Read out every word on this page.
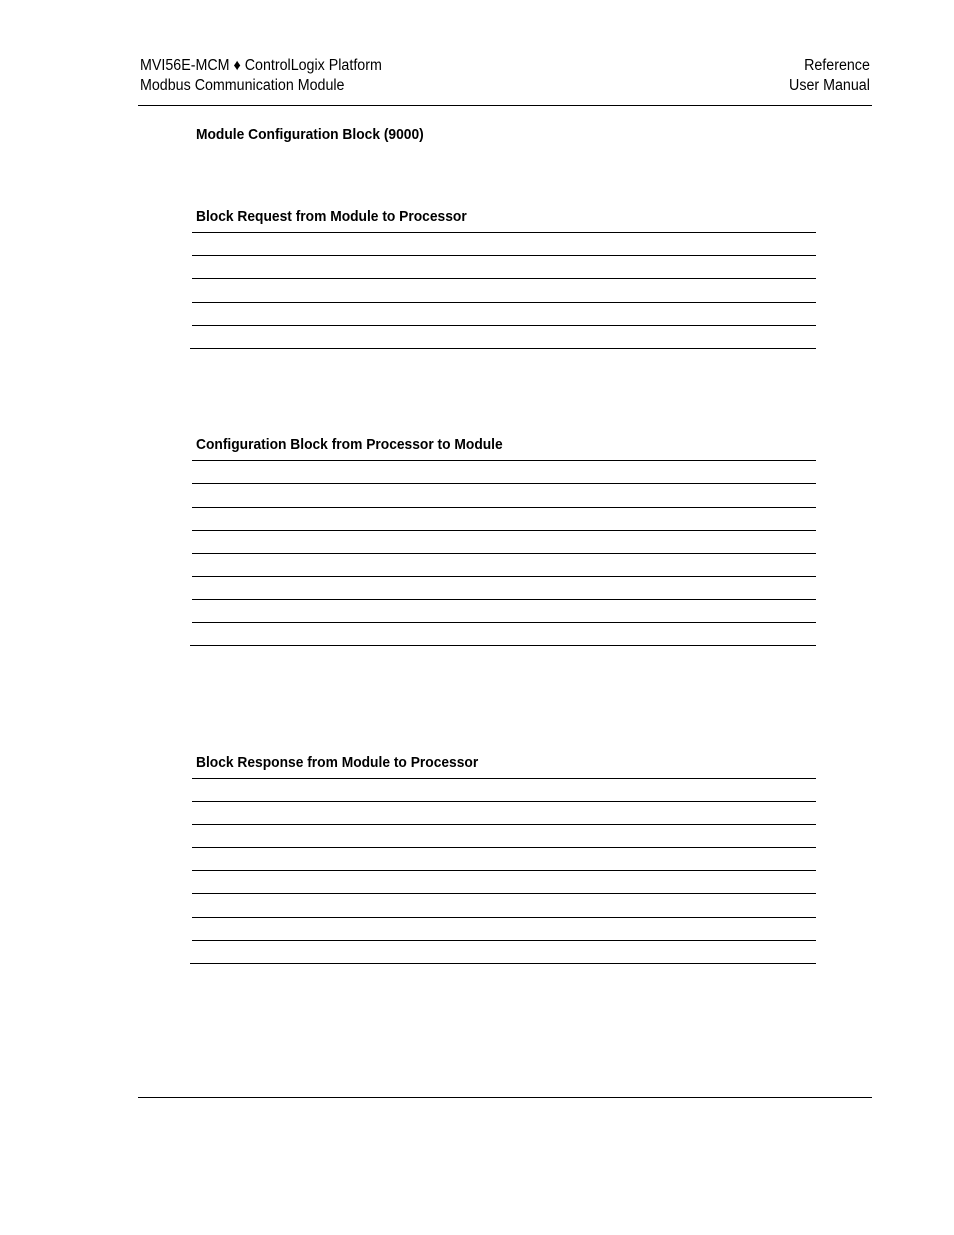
MVI56E-MCM ♦ ControlLogix Platform
Modbus Communication Module
Reference
User Manual
Module Configuration Block (9000)
Block Request from Module to Processor
Configuration Block from Processor to Module
Block Response from Module to Processor
